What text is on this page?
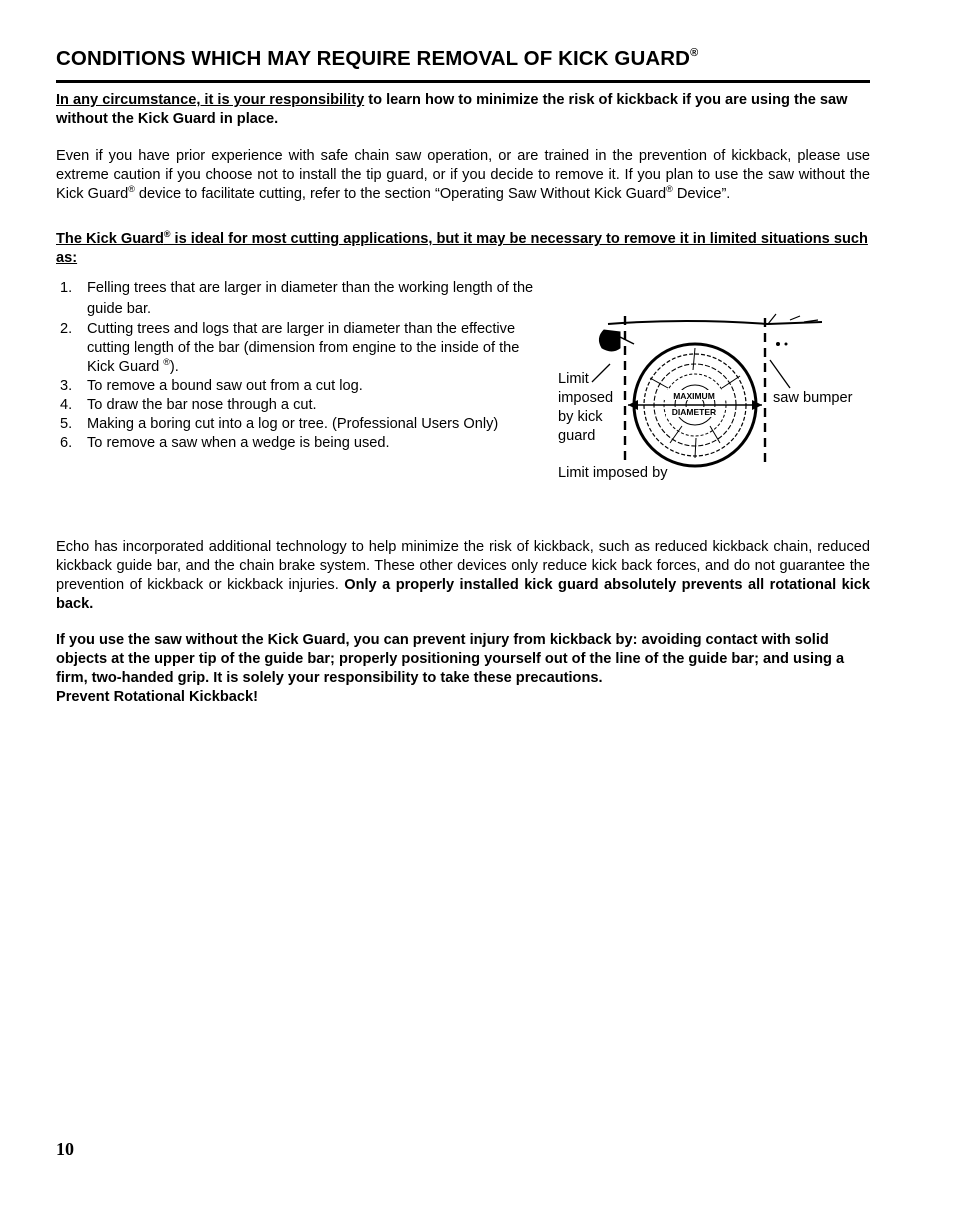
CONDITIONS WHICH MAY REQUIRE REMOVAL OF KICK GUARD®
In any circumstance, it is your responsibility to learn how to minimize the risk of kickback if you are using the saw without the Kick Guard in place.
Even if you have prior experience with safe chain saw operation, or are trained in the prevention of kickback, please use extreme caution if you choose not to install the tip guard, or if you decide to remove it. If you plan to use the saw without the Kick Guard® device to facilitate cutting, refer to the section “Operating Saw Without Kick Guard® Device”.
The Kick Guard® is ideal for most cutting applications, but it may be necessary to remove it in limited situations such as:
1. Felling trees that are larger in diameter than the working length of the guide bar.
2. Cutting trees and logs that are larger in diameter than the effective cutting length of the bar (dimension from engine to the inside of the Kick Guard ®).
3. To remove a bound saw out from a cut log.
4. To draw the bar nose through a cut.
5. Making a boring cut into a log or tree. (Professional Users Only)
6. To remove a saw when a wedge is being used.
Limit imposed by kick guard
Limit imposed by
saw bumper
MAXIMUM
DIAMETER
Echo has incorporated additional technology to help minimize the risk of kickback, such as reduced kickback chain, reduced kickback guide bar, and the chain brake system. These other devices only reduce kick back forces, and do not guarantee the prevention of kickback or kickback injuries. Only a properly installed kick guard absolutely prevents all rotational kick back.
If you use the saw without the Kick Guard, you can prevent injury from kickback by: avoiding contact with solid objects at the upper tip of the guide bar; properly positioning yourself out of the line of the guide bar; and using a firm, two-handed grip. It is solely your responsibility to take these precautions.
Prevent Rotational Kickback!
10
